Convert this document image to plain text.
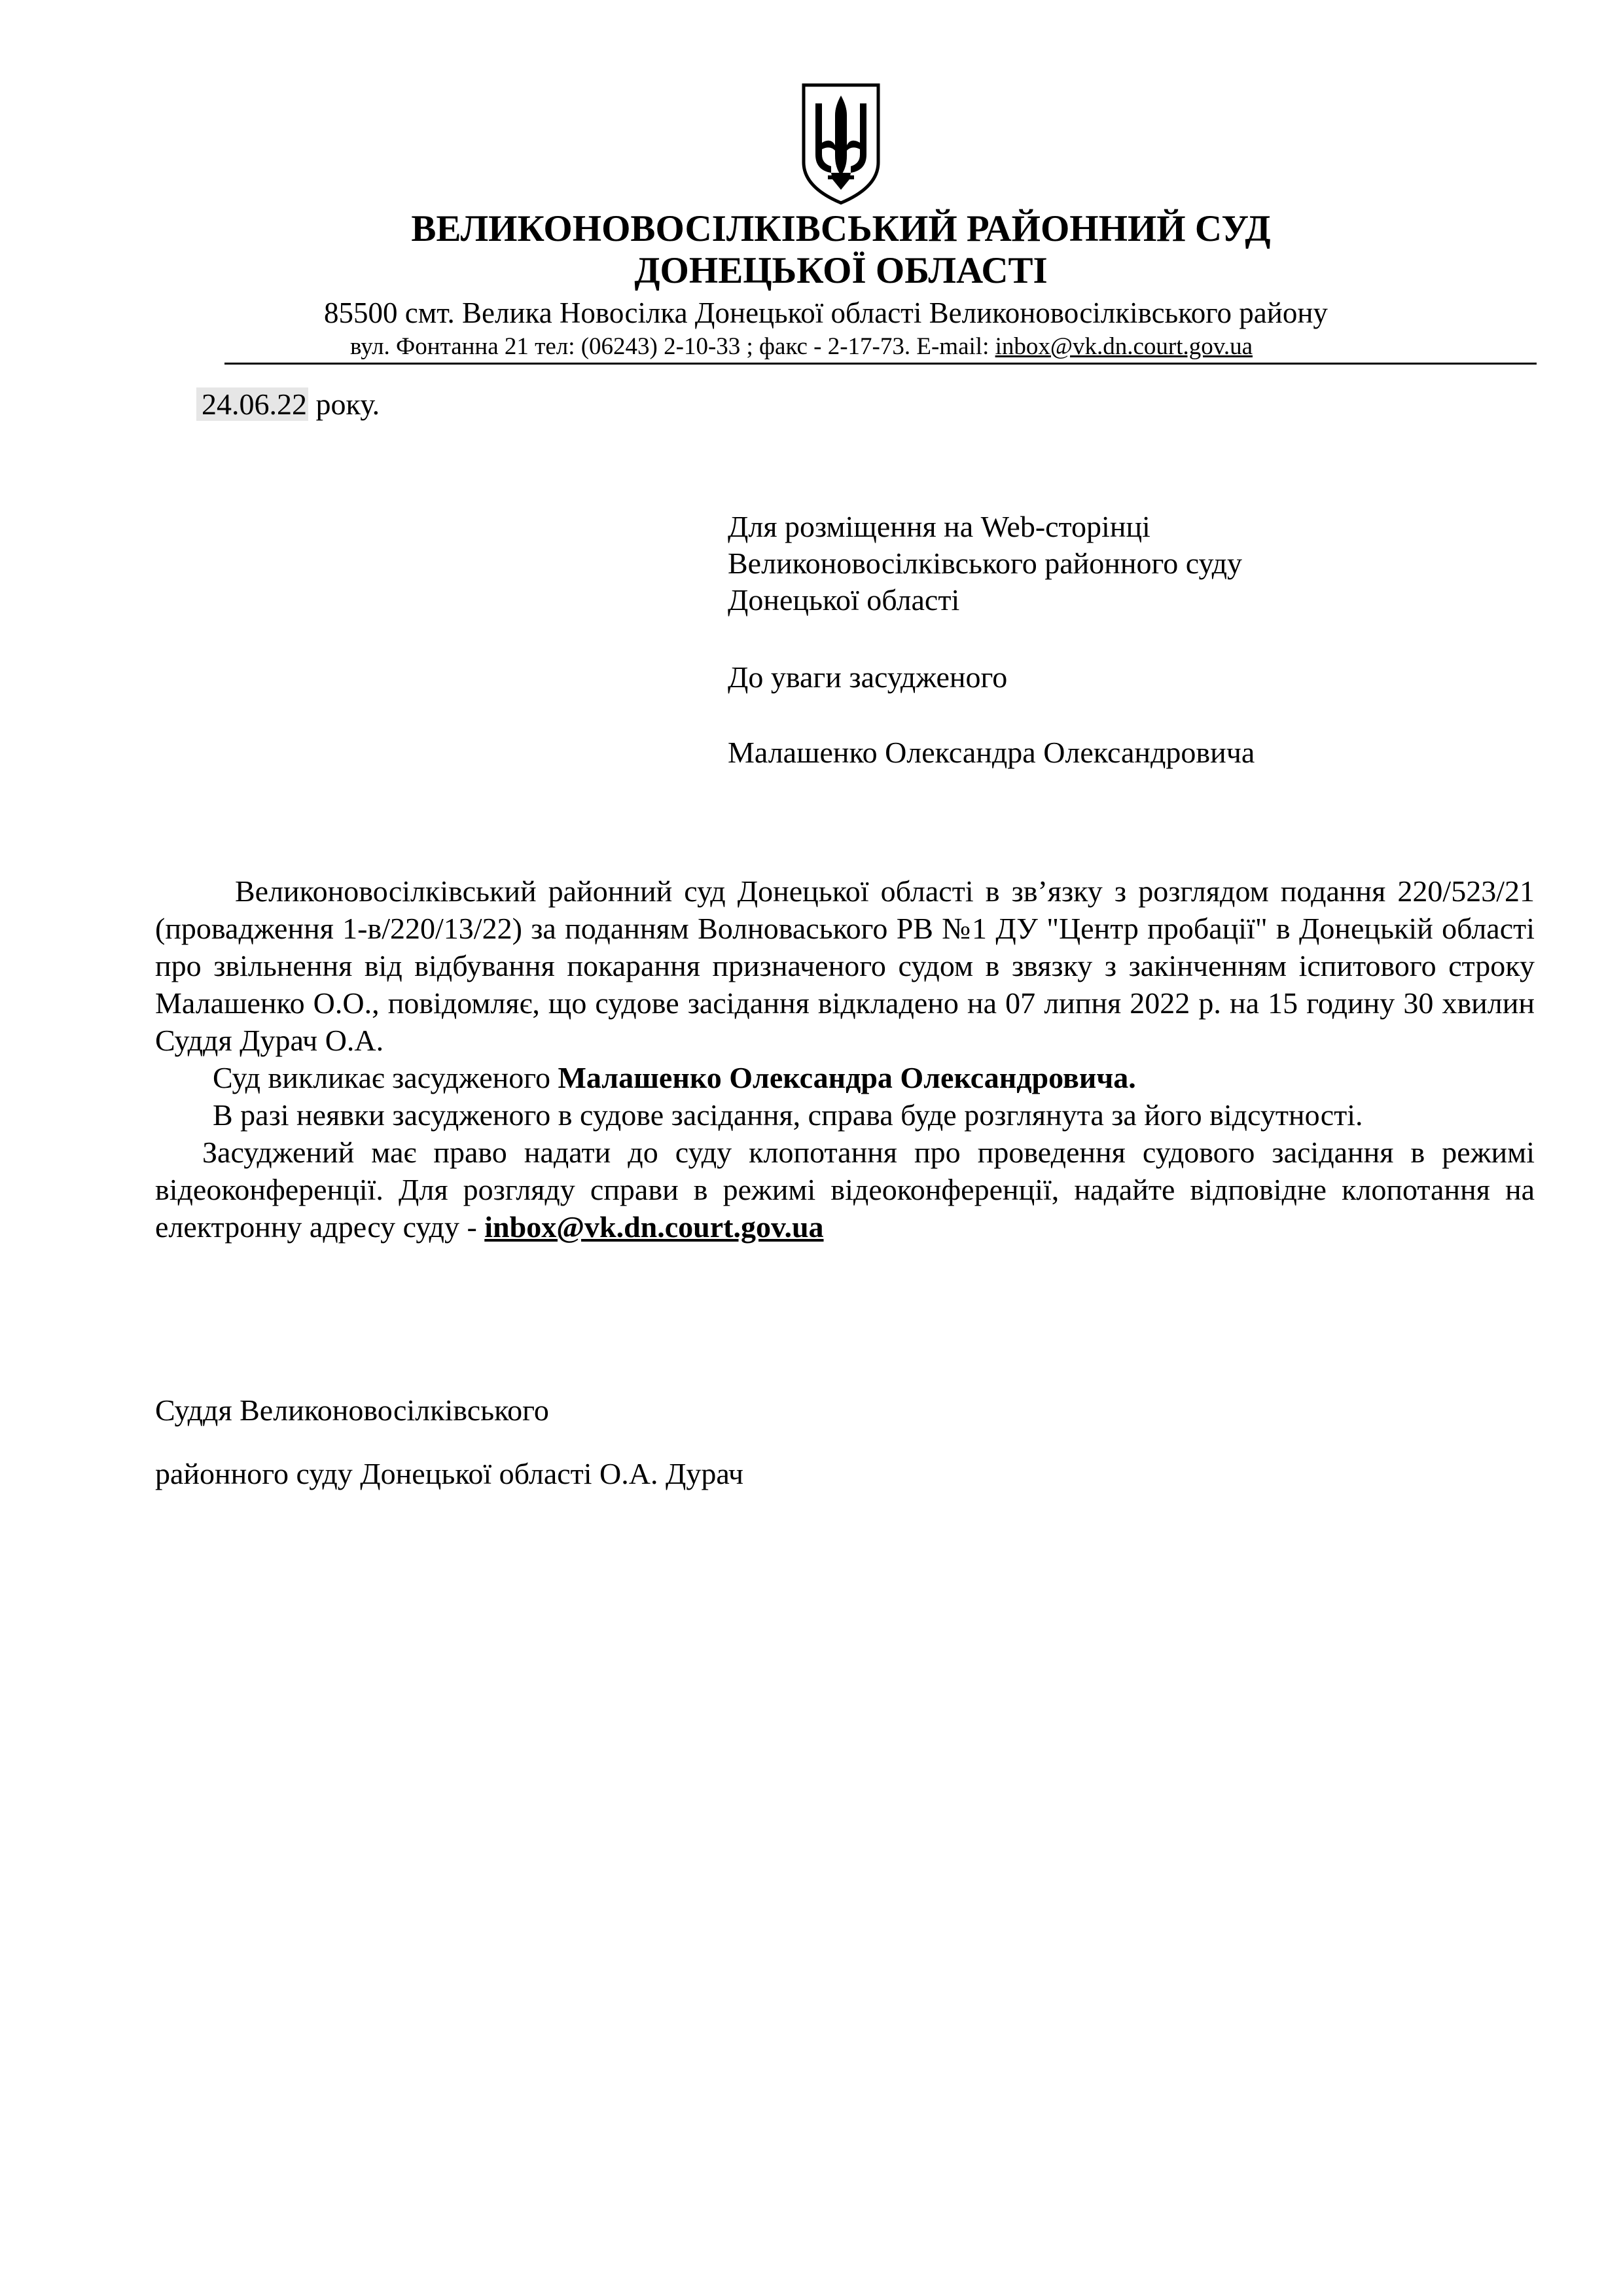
ВЕЛИКОНОВОСІЛКІВСЬКИЙ РАЙОННИЙ СУД
ДОНЕЦЬКОЇ ОБЛАСТІ
85500 смт. Велика Новосілка Донецької області Великоновосілківського району
вул. Фонтанна 21 тел: (06243) 2-10-33 ; факс - 2-17-73. E-mail: inbox@vk.dn.court.gov.ua
24.06.22 року.
Для розміщення на Web-сторінці
Великоновосілківського районного суду
Донецької області
До уваги засудженого
Малашенко Олександра Олександровича

Великоновосілківський районний суд Донецької області в зв’язку з розглядом подання 220/523/21 (провадження 1-в/220/13/22) за поданням Волноваського РВ №1 ДУ "Центр пробації" в Донецькій області про звільнення від відбування покарання призначеного судом в звязку з закінченням іспитового строку Малашенко О.О., повідомляє, що судове засідання відкладено на 07 липня 2022 р. на 15 годину 30 хвилин Суддя Дурач О.А.

Суд викликає засудженого Малашенко Олександра Олександровича.

В разі неявки засудженого в судове засідання, справа буде розглянута за його відсутності.

Засуджений має право надати до суду клопотання про проведення судового засідання в режимі відеоконференції. Для розгляду справи в режимі відеоконференції, надайте відповідне клопотання на електронну адресу суду - inbox@vk.dn.court.gov.ua

Суддя Великоновосілківського
районного суду Донецької області О.А. Дурач
